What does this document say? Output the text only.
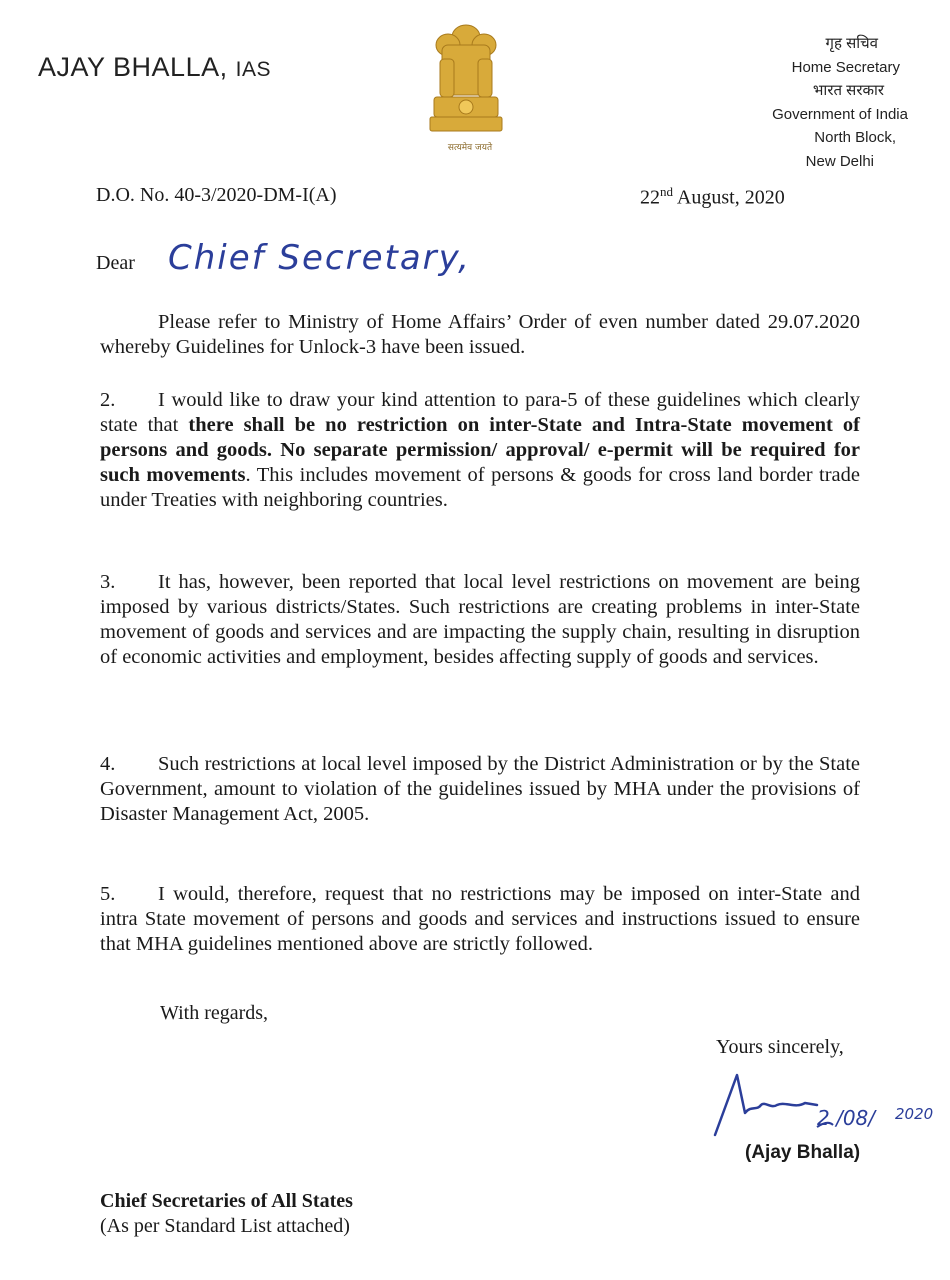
AJAY BHALLA, IAS
सत्यमेव जयते
गृह सचिव
Home Secretary
भारत सरकार
Government of India
North Block,
New Delhi
D.O. No. 40-3/2020-DM-I(A)	22nd August, 2020
Dear Chief Secretary,
Please refer to Ministry of Home Affairs’ Order of even number dated 29.07.2020 whereby Guidelines for Unlock-3 have been issued.
2. I would like to draw your kind attention to para-5 of these guidelines which clearly state that there shall be no restriction on inter-State and Intra-State movement of persons and goods. No separate permission/ approval/ e-permit will be required for such movements. This includes movement of persons & goods for cross land border trade under Treaties with neighboring countries.
3. It has, however, been reported that local level restrictions on movement are being imposed by various districts/States. Such restrictions are creating problems in inter-State movement of goods and services and are impacting the supply chain, resulting in disruption of economic activities and employment, besides affecting supply of goods and services.
4. Such restrictions at local level imposed by the District Administration or by the State Government, amount to violation of the guidelines issued by MHA under the provisions of Disaster Management Act, 2005.
5. I would, therefore, request that no restrictions may be imposed on inter-State and intra State movement of persons and goods and services and instructions issued to ensure that MHA guidelines mentioned above are strictly followed.
With regards,
Yours sincerely,
2 /08/ 2020
(Ajay Bhalla)
Chief Secretaries of All States
(As per Standard List attached)
